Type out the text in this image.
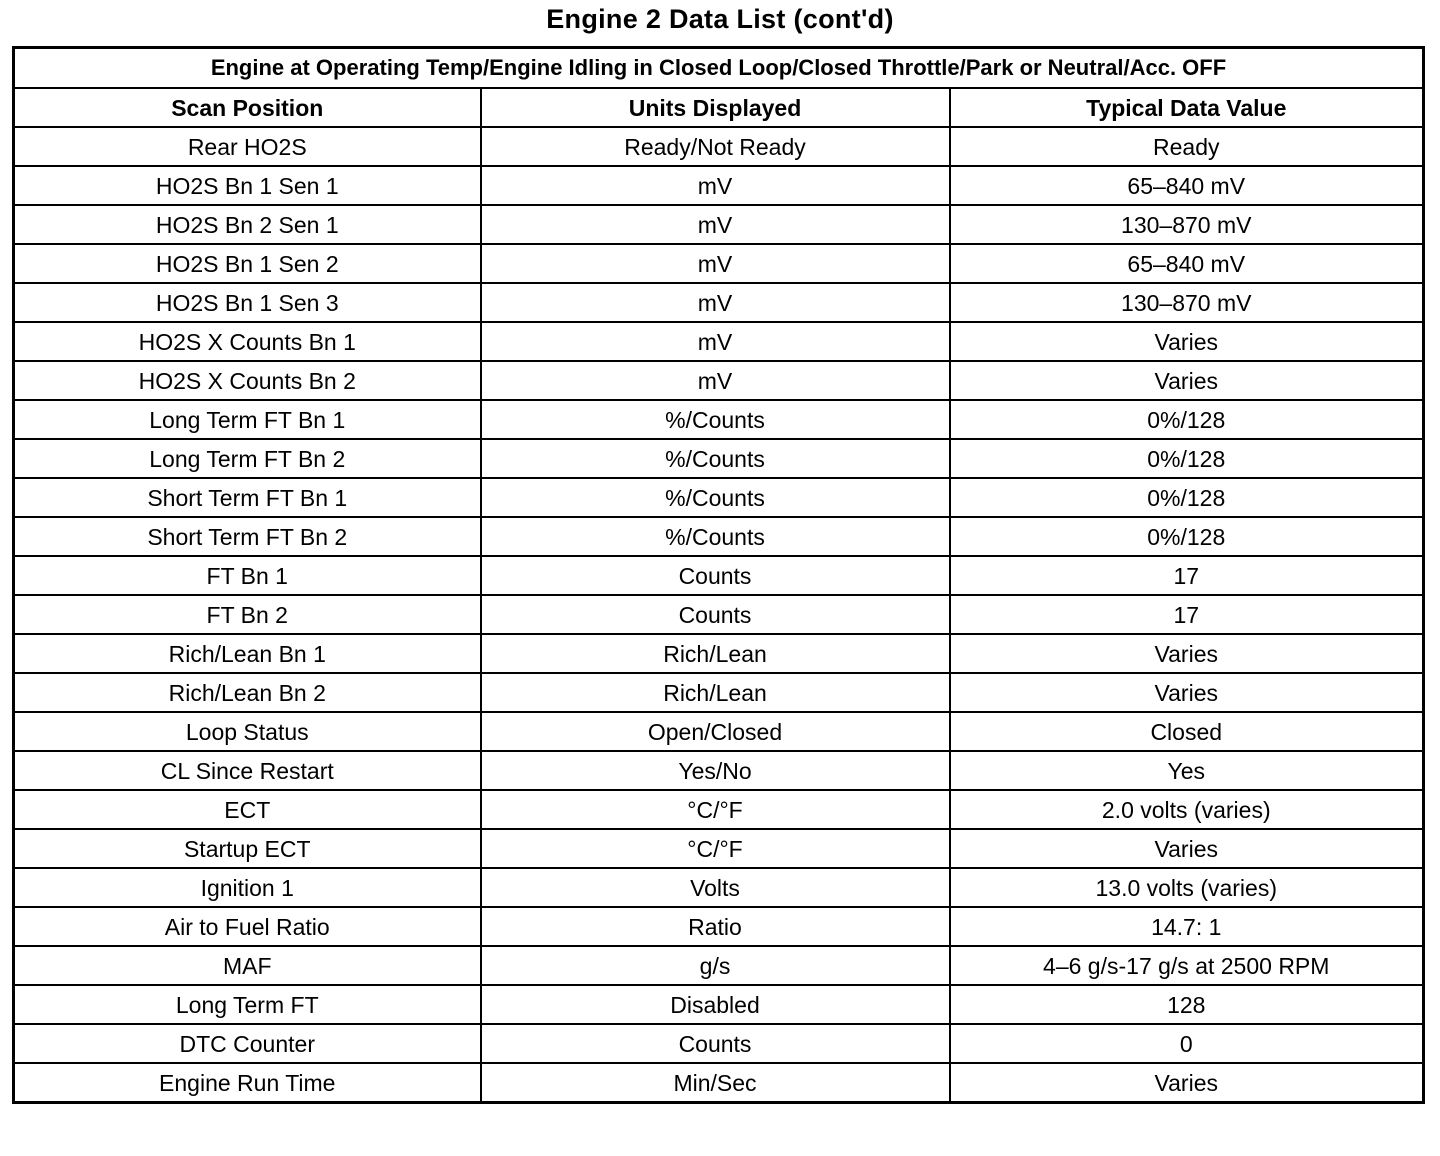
Engine 2 Data List (cont'd)
Engine at Operating Temp/Engine Idling in Closed Loop/Closed Throttle/Park or Neutral/Acc. OFF		
Scan Position	Units Displayed	Typical Data Value
Rear HO2S	Ready/Not Ready	Ready
HO2S Bn 1 Sen 1	mV	65–840 mV
HO2S Bn 2 Sen 1	mV	130–870 mV
HO2S Bn 1 Sen 2	mV	65–840 mV
HO2S Bn 1 Sen 3	mV	130–870 mV
HO2S X Counts Bn 1	mV	Varies
HO2S X Counts Bn 2	mV	Varies
Long Term FT Bn 1	%/Counts	0%/128
Long Term FT Bn 2	%/Counts	0%/128
Short Term FT Bn 1	%/Counts	0%/128
Short Term FT Bn 2	%/Counts	0%/128
FT Bn 1	Counts	17
FT Bn 2	Counts	17
Rich/Lean Bn 1	Rich/Lean	Varies
Rich/Lean Bn 2	Rich/Lean	Varies
Loop Status	Open/Closed	Closed
CL Since Restart	Yes/No	Yes
ECT	°C/°F	2.0 volts (varies)
Startup ECT	°C/°F	Varies
Ignition 1	Volts	13.0 volts (varies)
Air to Fuel Ratio	Ratio	14.7: 1
MAF	g/s	4–6 g/s-17 g/s at 2500 RPM
Long Term FT	Disabled	128
DTC Counter	Counts	0
Engine Run Time	Min/Sec	Varies
